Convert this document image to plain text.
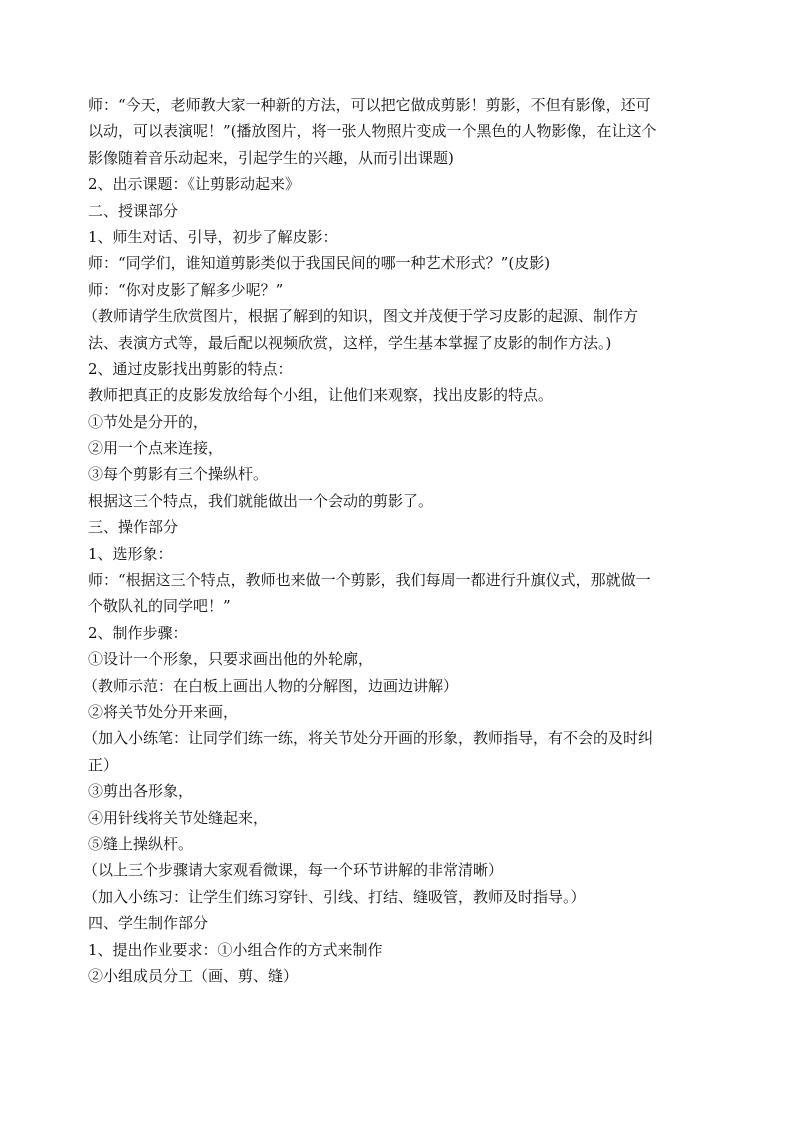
师：“今天，老师教大家一种新的方法，可以把它做成剪影！剪影，不但有影像，还可
以动，可以表演呢！”(播放图片，将一张人物照片变成一个黑色的人物影像，在让这个
影像随着音乐动起来，引起学生的兴趣，从而引出课题)
2、出示课题：《让剪影动起来》
二、授课部分
1、师生对话、引导，初步了解皮影：
师：“同学们，谁知道剪影类似于我国民间的哪一种艺术形式？”(皮影)
师：“你对皮影了解多少呢？”
（教师请学生欣赏图片，根据了解到的知识，图文并茂便于学习皮影的起源、制作方
法、表演方式等，最后配以视频欣赏，这样，学生基本掌握了皮影的制作方法。)
2、通过皮影找出剪影的特点：
教师把真正的皮影发放给每个小组，让他们来观察，找出皮影的特点。
①节处是分开的，
②用一个点来连接，
③每个剪影有三个操纵杆。
根据这三个特点，我们就能做出一个会动的剪影了。
三、操作部分
1、选形象：
师：“根据这三个特点，教师也来做一个剪影，我们每周一都进行升旗仪式，那就做一
个敬队礼的同学吧！”
2、制作步骤：
①设计一个形象，只要求画出他的外轮廓，
（教师示范：在白板上画出人物的分解图，边画边讲解）
②将关节处分开来画，
（加入小练笔：让同学们练一练，将关节处分开画的形象，教师指导，有不会的及时纠
正）
③剪出各形象，
④用针线将关节处缝起来，
⑤缝上操纵杆。
（以上三个步骤请大家观看微课，每一个环节讲解的非常清晰）
（加入小练习：让学生们练习穿针、引线、打结、缝吸管，教师及时指导。）
四、学生制作部分
1、提出作业要求：①小组合作的方式来制作
②小组成员分工（画、剪、缝）
